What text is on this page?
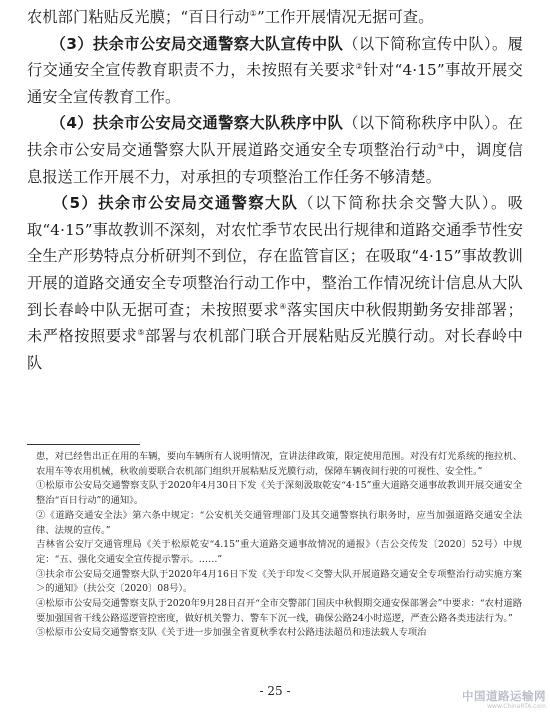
农机部门粘贴反光膜；“百日行动①”工作开展情况无据可查。

　　（3）扶余市公安局交通警察大队宣传中队（以下简称宣传中队）。履行交通安全宣传教育职责不力，未按照有关要求②针对“4·15”事故开展交通安全宣传教育工作。

　　（4）扶余市公安局交通警察大队秩序中队（以下简称秩序中队）。在扶余市公安局交通警察大队开展道路交通安全专项整治行动③中，调度信息报送工作开展不力，对承担的专项整治工作任务不够清楚。

　　（5）扶余市公安局交通警察大队（以下简称扶余交警大队）。吸取“4·15”事故教训不深刻，对农忙季节农民出行规律和道路交通季节性安全生产形势特点分析研判不到位，存在监管盲区；在吸取“4·15”事故教训开展的道路交通安全专项整治行动工作中，整治工作情况统计信息从大队到长春岭中队无据可查；未按照要求④落实国庆中秋假期勤务安排部署；未严格按照要求⑤部署与农机部门联合开展粘贴反光膜行动。对长春岭中队

患，对已经售出正在用的车辆，要向车辆所有人说明情况，宣讲法律政策，限定使用范围。对没有灯光系统的拖拉机、农用车等农用机械，秋收前要联合农机部门组织开展粘贴反光膜行动，保障车辆夜间行驶的可视性、安全性。”

①松原市公安局交通警察支队于2020年4月30日下发《关于深刻汲取乾安“4·15”重大道路交通事故教训开展交通安全整治“百日行动”的通知》。

②《道路交通安全法》第六条中规定：“公安机关交通管理部门及其交通警察执行职务时，应当加强道路交通安全法律、法规的宣传。”

吉林省公安厅交通管理局《关于松原乾安“4.15”重大道路交通事故情况的通报》（吉公交传发〔2020〕52号）中规定：“五、强化交通安全宣传提示警示。……”

③扶余市公安局交通警察大队于2020年4月16日下发《关于印发＜交警大队开展道路交通安全专项整治行动实施方案＞的通知》（扶公交〔2020〕08号）。

④松原市公安局交通警察支队于2020年9月28日召开“全市交警部门国庆中秋假期交通安保部署会”中要求：“农村道路要加强国省干线公路巡逻管控密度，做好机关警力、警车下沉一线，确保公路24小时巡逻，严查公路各类违法行为。”

⑤松原市公安局交通警察支队《关于进一步加强全省夏秋季农村公路违法超员和违法载人专项治

- 25 -	中国道路运输网
www.ChinaRTA.com
